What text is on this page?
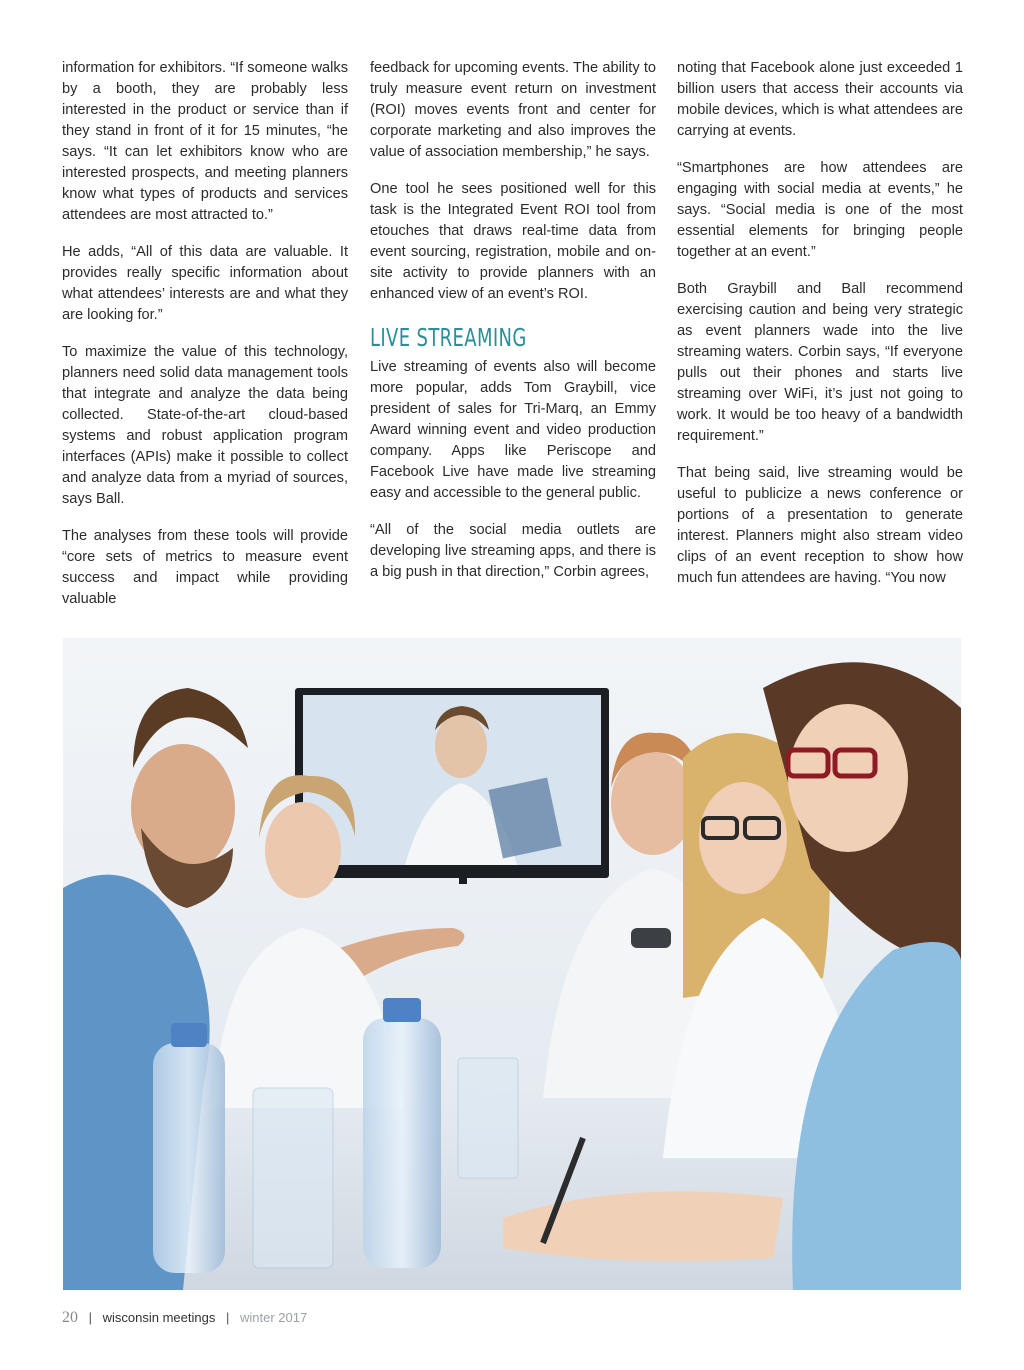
information for exhibitors. “If someone walks by a booth, they are probably less interested in the product or service than if they stand in front of it for 15 minutes, “he says. “It can let exhibitors know who are interested prospects, and meeting planners know what types of products and services attendees are most attracted to.”

He adds, “All of this data are valuable. It provides really specific information about what attendees’ interests are and what they are looking for.”

To maximize the value of this technology, planners need solid data management tools that integrate and analyze the data being collected. State-of-the-art cloud-based systems and robust application program interfaces (APIs) make it possible to collect and analyze data from a myriad of sources, says Ball.

The analyses from these tools will provide “core sets of metrics to measure event success and impact while providing valuable

feedback for upcoming events. The ability to truly measure event return on investment (ROI) moves events front and center for corporate marketing and also improves the value of association membership,” he says.

One tool he sees positioned well for this task is the Integrated Event ROI tool from etouches that draws real-time data from event sourcing, registration, mobile and on-site activity to provide planners with an enhanced view of an event’s ROI.

LIVE STREAMING

Live streaming of events also will become more popular, adds Tom Graybill, vice president of sales for Tri-Marq, an Emmy Award winning event and video production company. Apps like Periscope and Facebook Live have made live streaming easy and accessible to the general public.

“All of the social media outlets are developing live streaming apps, and there is a big push in that direction,” Corbin agrees,

noting that Facebook alone just exceeded 1 billion users that access their accounts via mobile devices, which is what attendees are carrying at events.

“Smartphones are how attendees are engaging with social media at events,” he says. “Social media is one of the most essential elements for bringing people together at an event.”

Both Graybill and Ball recommend exercising caution and being very strategic as event planners wade into the live streaming waters. Corbin says, “If everyone pulls out their phones and starts live streaming over WiFi, it’s just not going to work. It would be too heavy of a bandwidth requirement.”

That being said, live streaming would be useful to publicize a news conference or portions of a presentation to generate interest. Planners might also stream video clips of an event reception to show how much fun attendees are having. “You now

20 | wisconsin meetings | winter 2017
